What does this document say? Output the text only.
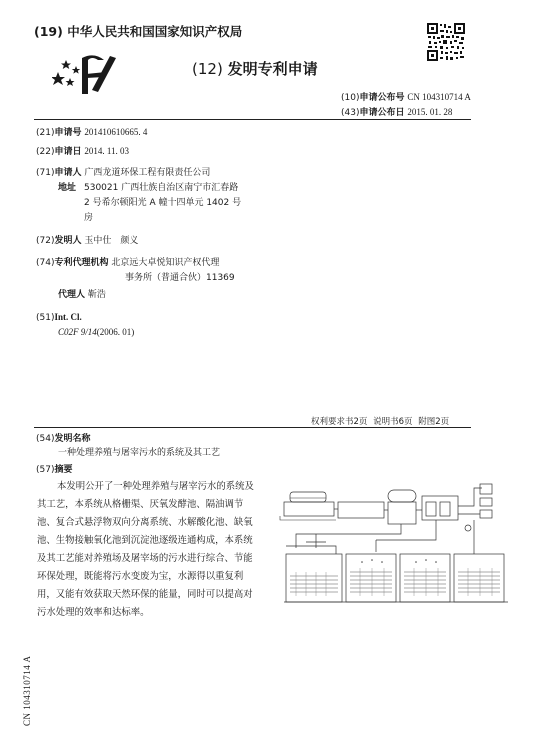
(19) 中华人民共和国国家知识产权局
(12) 发明专利申请
(10)申请公布号 CN 104310714 A
(43)申请公布日 2015. 01. 28
(21)申请号 201410610665. 4
(22)申请日 2014. 11. 03
(71)申请人 广西龙道环保工程有限责任公司
地址 530021 广西壮族自治区南宁市汇春路
2 号希尔顿阳光 A 幢十四单元 1402 号
房
(72)发明人 玉中仕　颜义
(74)专利代理机构 北京远大卓悦知识产权代理
事务所（普通合伙）11369
代理人 靳浩
(51)Int. Cl.
C02F 9/14(2006. 01)
权利要求书2页 说明书6页 附图2页
(54)发明名称
一种处理养殖与屠宰污水的系统及其工艺
(57)摘要
本发明公开了一种处理养殖与屠宰污水的系统及其工艺，本系统从格栅渠、厌氧发酵池、隔油调节池、复合式悬浮物双向分离系统、水解酸化池、缺氧池、生物接触氧化池到沉淀池逐级连通构成，本系统及其工艺能对养殖场及屠宰场的污水进行综合、节能环保处理，既能将污水变废为宝，水源得以重复利用，又能有效获取天然环保的能量，同时可以提高对污水处理的效率和达标率。
CN 104310714 A
